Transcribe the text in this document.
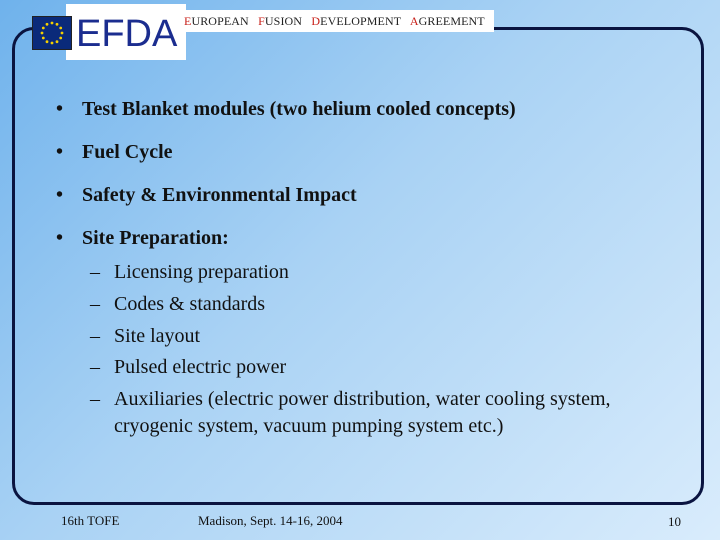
EFDA EUROPEAN FUSION DEVELOPMENT AGREEMENT
• Test Blanket modules (two helium cooled concepts)
• Fuel Cycle
• Safety & Environmental Impact
• Site Preparation:
– Licensing preparation
– Codes & standards
– Site layout
– Pulsed electric power
– Auxiliaries (electric power distribution, water cooling system,
cryogenic system, vacuum pumping system etc.)
16th TOFE	Madison, Sept. 14-16, 2004	10
